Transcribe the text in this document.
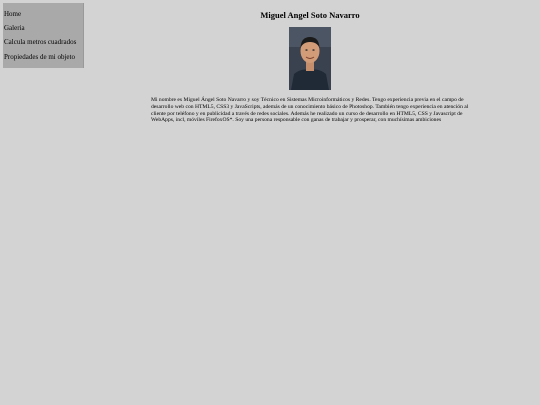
Home
Galeria
Calcula metros cuadrados
Propiedades de mi objeto
Miguel Angel Soto Navarro

Mi nombre es Miguel Ángel Soto Navarro y soy Técnico en Sistemas Microinformáticos y Redes. Tengo experiencia previa en el campo de desarrollo web con HTML5, CSS3 y JavaScripts, además de un conocimiento básico de Photoshop. También tengo experiencia en atención al cliente por teléfono y en publicidad a través de redes sociales. Además he realizado un curso de desarrollo en HTML5, CSS y Javascript de WebApps, incl, móviles FirefoxOS*. Soy una persona responsable con ganas de trabajar y prosperar, con muchísimas ambiciones
